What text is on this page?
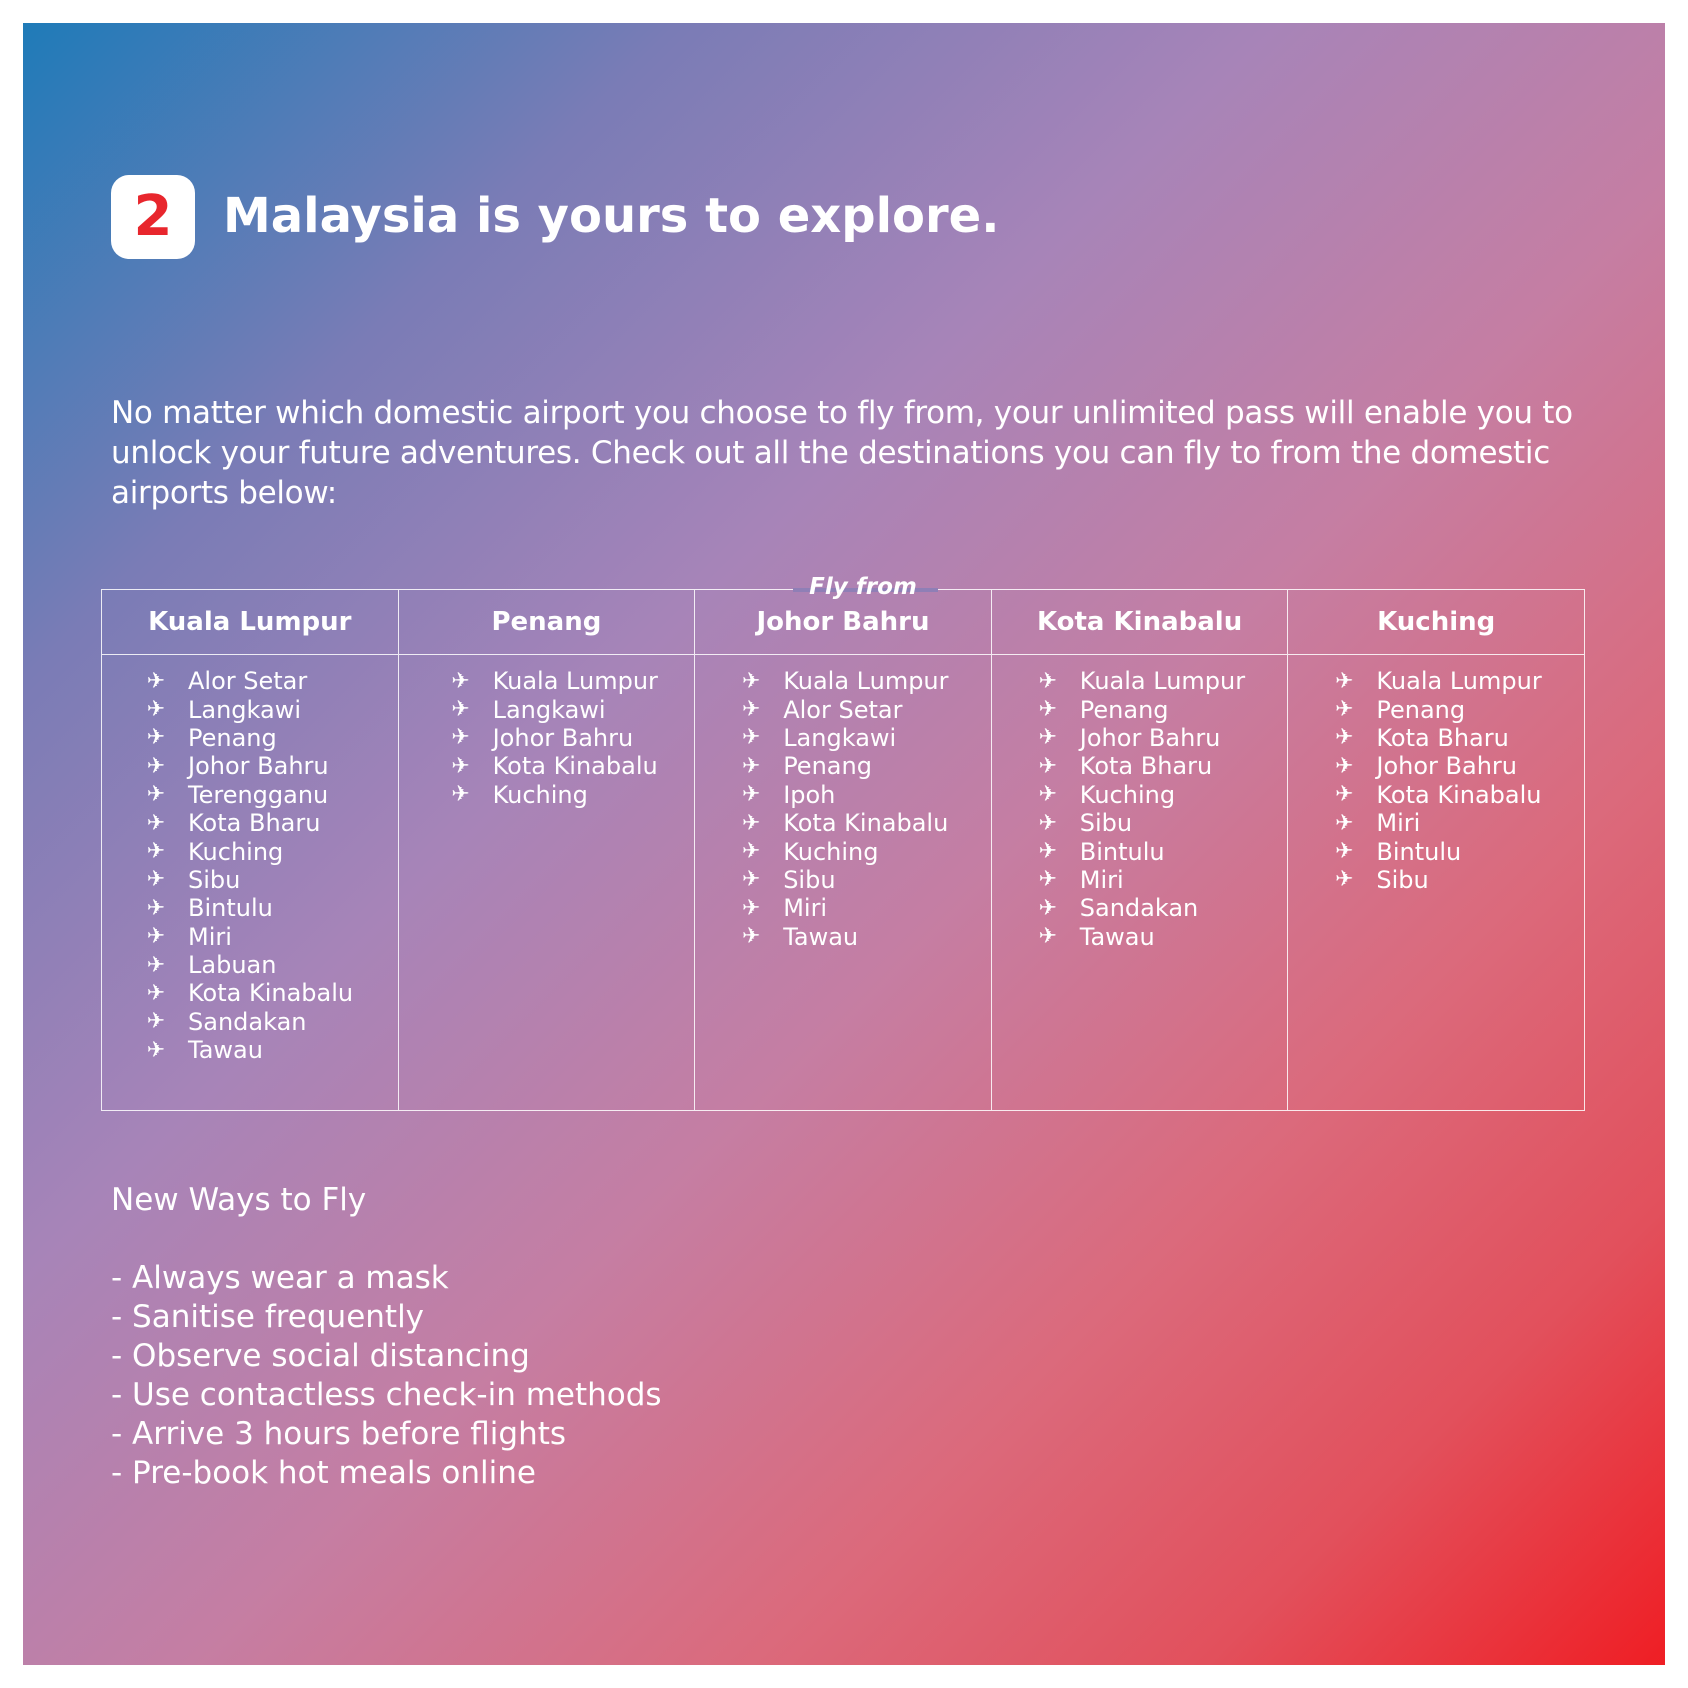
2 Malaysia is yours to explore.
No matter which domestic airport you choose to fly from, your unlimited pass will enable you to unlock your future adventures. Check out all the destinations you can fly to from the domestic airports below:
Fly from
Kuala Lumpur
✈ Alor Setar
✈ Langkawi
✈ Penang
✈ Johor Bahru
✈ Terengganu
✈ Kota Bharu
✈ Kuching
✈ Sibu
✈ Bintulu
✈ Miri
✈ Labuan
✈ Kota Kinabalu
✈ Sandakan
✈ Tawau
Penang
✈ Kuala Lumpur
✈ Langkawi
✈ Johor Bahru
✈ Kota Kinabalu
✈ Kuching
Johor Bahru
✈ Kuala Lumpur
✈ Alor Setar
✈ Langkawi
✈ Penang
✈ Ipoh
✈ Kota Kinabalu
✈ Kuching
✈ Sibu
✈ Miri
✈ Tawau
Kota Kinabalu
✈ Kuala Lumpur
✈ Penang
✈ Johor Bahru
✈ Kota Bharu
✈ Kuching
✈ Sibu
✈ Bintulu
✈ Miri
✈ Sandakan
✈ Tawau
Kuching
✈ Kuala Lumpur
✈ Penang
✈ Kota Bharu
✈ Johor Bahru
✈ Kota Kinabalu
✈ Miri
✈ Bintulu
✈ Sibu
New Ways to Fly
- Always wear a mask
- Sanitise frequently
- Observe social distancing
- Use contactless check-in methods
- Arrive 3 hours before flights
- Pre-book hot meals online
